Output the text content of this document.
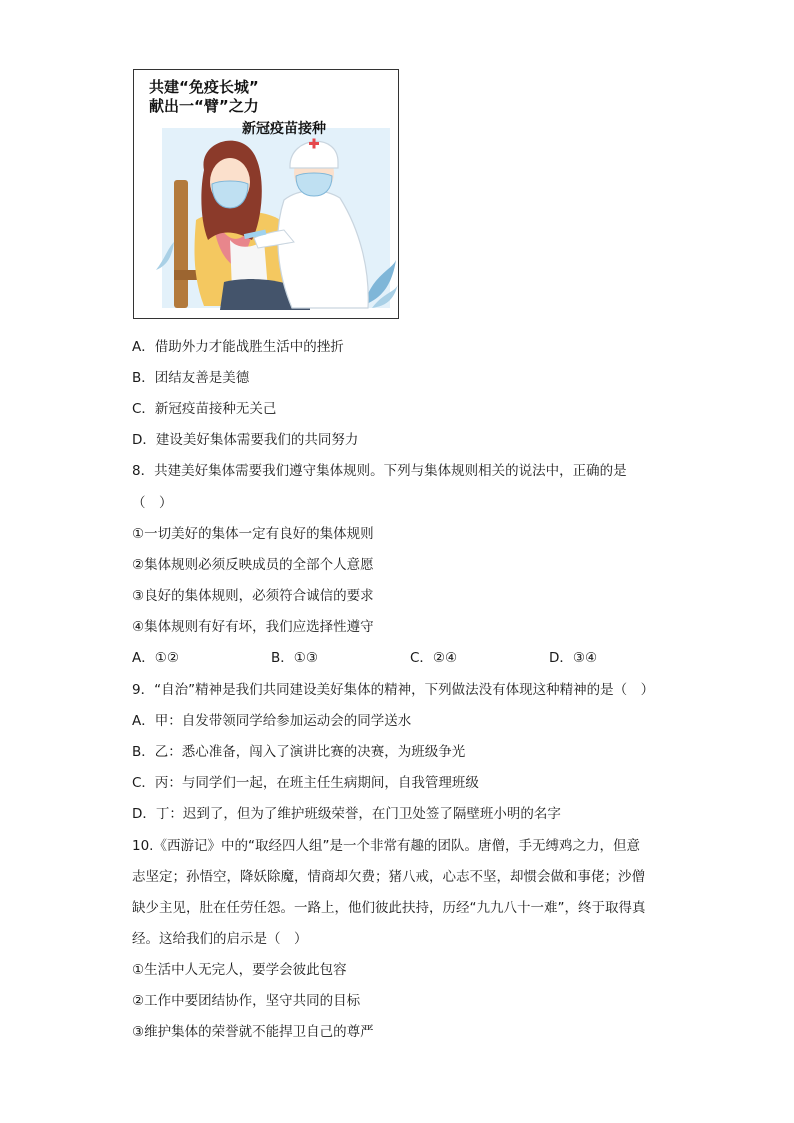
共建“免疫长城”
献出一“臂”之力
新冠疫苗接种
A．借助外力才能战胜生活中的挫折
B．团结友善是美德
C．新冠疫苗接种无关己
D．建设美好集体需要我们的共同努力
8．共建美好集体需要我们遵守集体规则。下列与集体规则相关的说法中，正确的是
（　）
①一切美好的集体一定有良好的集体规则
②集体规则必须反映成员的全部个人意愿
③良好的集体规则，必须符合诚信的要求
④集体规则有好有坏，我们应选择性遵守
A．①②	B．①③	C．②④	D．③④
9．“自治”精神是我们共同建设美好集体的精神，下列做法没有体现这种精神的是（　）
A．甲：自发带领同学给参加运动会的同学送水
B．乙：悉心准备，闯入了演讲比赛的决赛，为班级争光
C．丙：与同学们一起，在班主任生病期间，自我管理班级
D．丁：迟到了，但为了维护班级荣誉，在门卫处签了隔壁班小明的名字
10.《西游记》中的“取经四人组”是一个非常有趣的团队。唐僧，手无缚鸡之力，但意
志坚定；孙悟空，降妖除魔，情商却欠费；猪八戒，心志不坚，却惯会做和事佬；沙僧
缺少主见，肚在任劳任怨。一路上，他们彼此扶持，历经“九九八十一难”，终于取得真
经。这给我们的启示是（　）
①生活中人无完人，要学会彼此包容
②工作中要团结协作，坚守共同的目标
③维护集体的荣誉就不能捍卫自己的尊严
